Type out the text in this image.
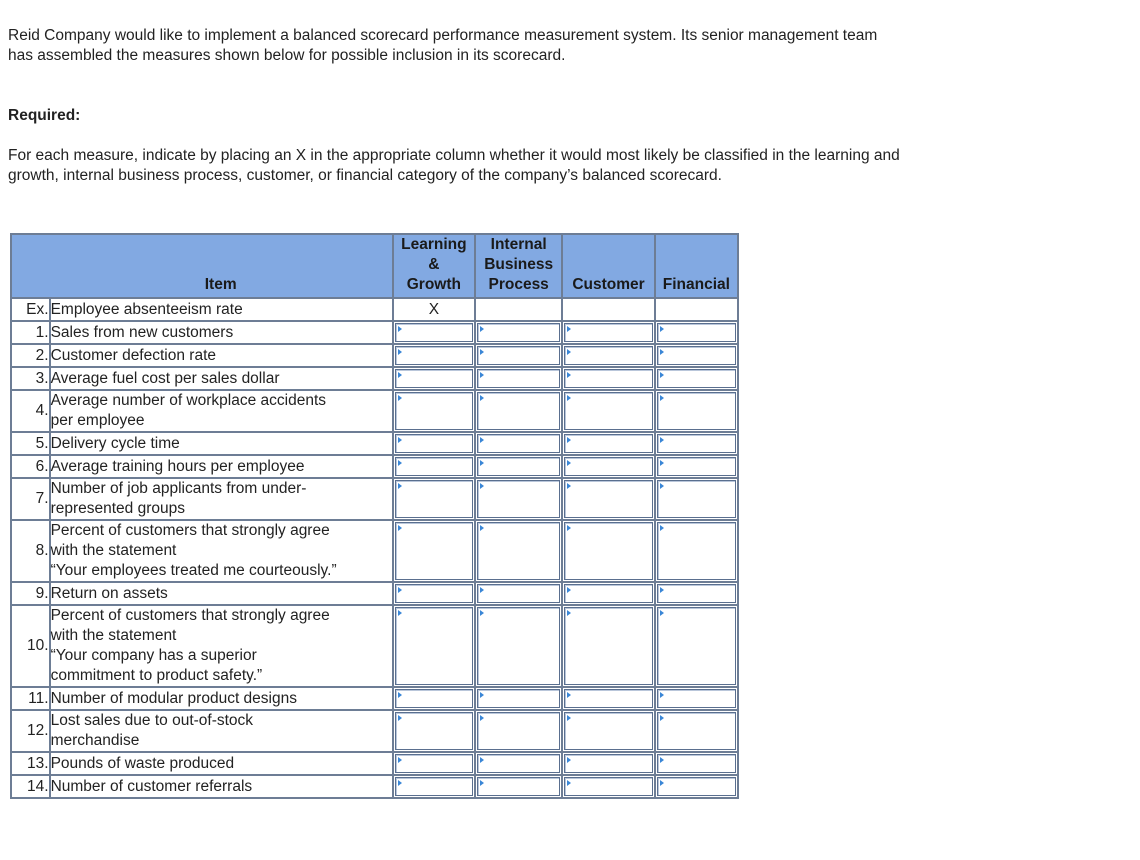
Reid Company would like to implement a balanced scorecard performance measurement system. Its senior management team has assembled the measures shown below for possible inclusion in its scorecard.

Required:

For each measure, indicate by placing an X in the appropriate column whether it would most likely be classified in the learning and growth, internal business process, customer, or financial category of the company’s balanced scorecard.

	Item	Learning
&
Growth	Internal
Business
Process	Customer	Financial
Ex.	Employee absenteeism rate	X			
1.	Sales from new customers	

2.	Customer defection rate	

3.	Average fuel cost per sales dollar	

4.	Average number of workplace accidents
per employee	

5.	Delivery cycle time	

6.	Average training hours per employee	

7.	Number of job applicants from under-
represented groups	

8.	Percent of customers that strongly agree
with the statement
“Your employees treated me courteously.”	

9.	Return on assets	

10.	Percent of customers that strongly agree
with the statement
“Your company has a superior
commitment to product safety.”	

11.	Number of modular product designs	

12.	Lost sales due to out-of-stock
merchandise	

13.	Pounds of waste produced	

14.	Number of customer referrals	
